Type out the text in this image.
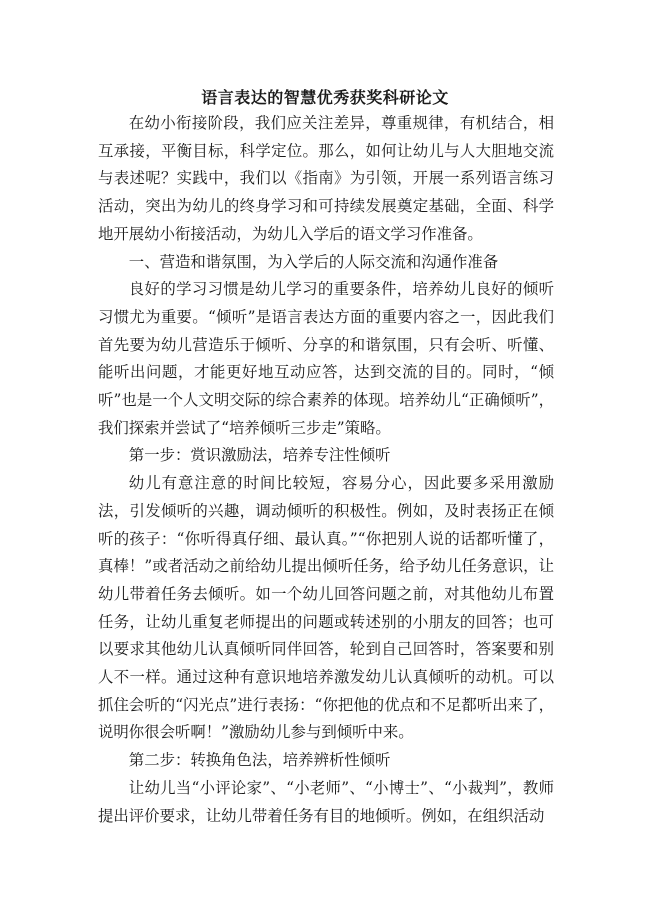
语言表达的智慧优秀获奖科研论文

在幼小衔接阶段，我们应关注差异，尊重规律，有机结合，相互承接，平衡目标，科学定位。那么，如何让幼儿与人大胆地交流与表述呢？实践中，我们以《指南》为引领，开展一系列语言练习活动，突出为幼儿的终身学习和可持续发展奠定基础，全面、科学地开展幼小衔接活动，为幼儿入学后的语文学习作准备。

一、营造和谐氛围，为入学后的人际交流和沟通作准备

良好的学习习惯是幼儿学习的重要条件，培养幼儿良好的倾听习惯尤为重要。“倾听”是语言表达方面的重要内容之一，因此我们首先要为幼儿营造乐于倾听、分享的和谐氛围，只有会听、听懂、能听出问题，才能更好地互动应答，达到交流的目的。同时，“倾听”也是一个人文明交际的综合素养的体现。培养幼儿“正确倾听”，我们探索并尝试了“培养倾听三步走”策略。

第一步：赏识激励法，培养专注性倾听

幼儿有意注意的时间比较短，容易分心，因此要多采用激励法，引发倾听的兴趣，调动倾听的积极性。例如，及时表扬正在倾听的孩子：“你听得真仔细、最认真。”“你把别人说的话都听懂了，真棒！”或者活动之前给幼儿提出倾听任务，给予幼儿任务意识，让幼儿带着任务去倾听。如一个幼儿回答问题之前，对其他幼儿布置任务，让幼儿重复老师提出的问题或转述别的小朋友的回答；也可以要求其他幼儿认真倾听同伴回答，轮到自己回答时，答案要和别人不一样。通过这种有意识地培养激发幼儿认真倾听的动机。可以抓住会听的“闪光点”进行表扬：“你把他的优点和不足都听出来了，说明你很会听啊！”激励幼儿参与到倾听中来。

第二步：转换角色法，培养辨析性倾听

让幼儿当“小评论家”、“小老师”、“小博士”、“小裁判”，教师提出评价要求，让幼儿带着任务有目的地倾听。例如，在组织活动
